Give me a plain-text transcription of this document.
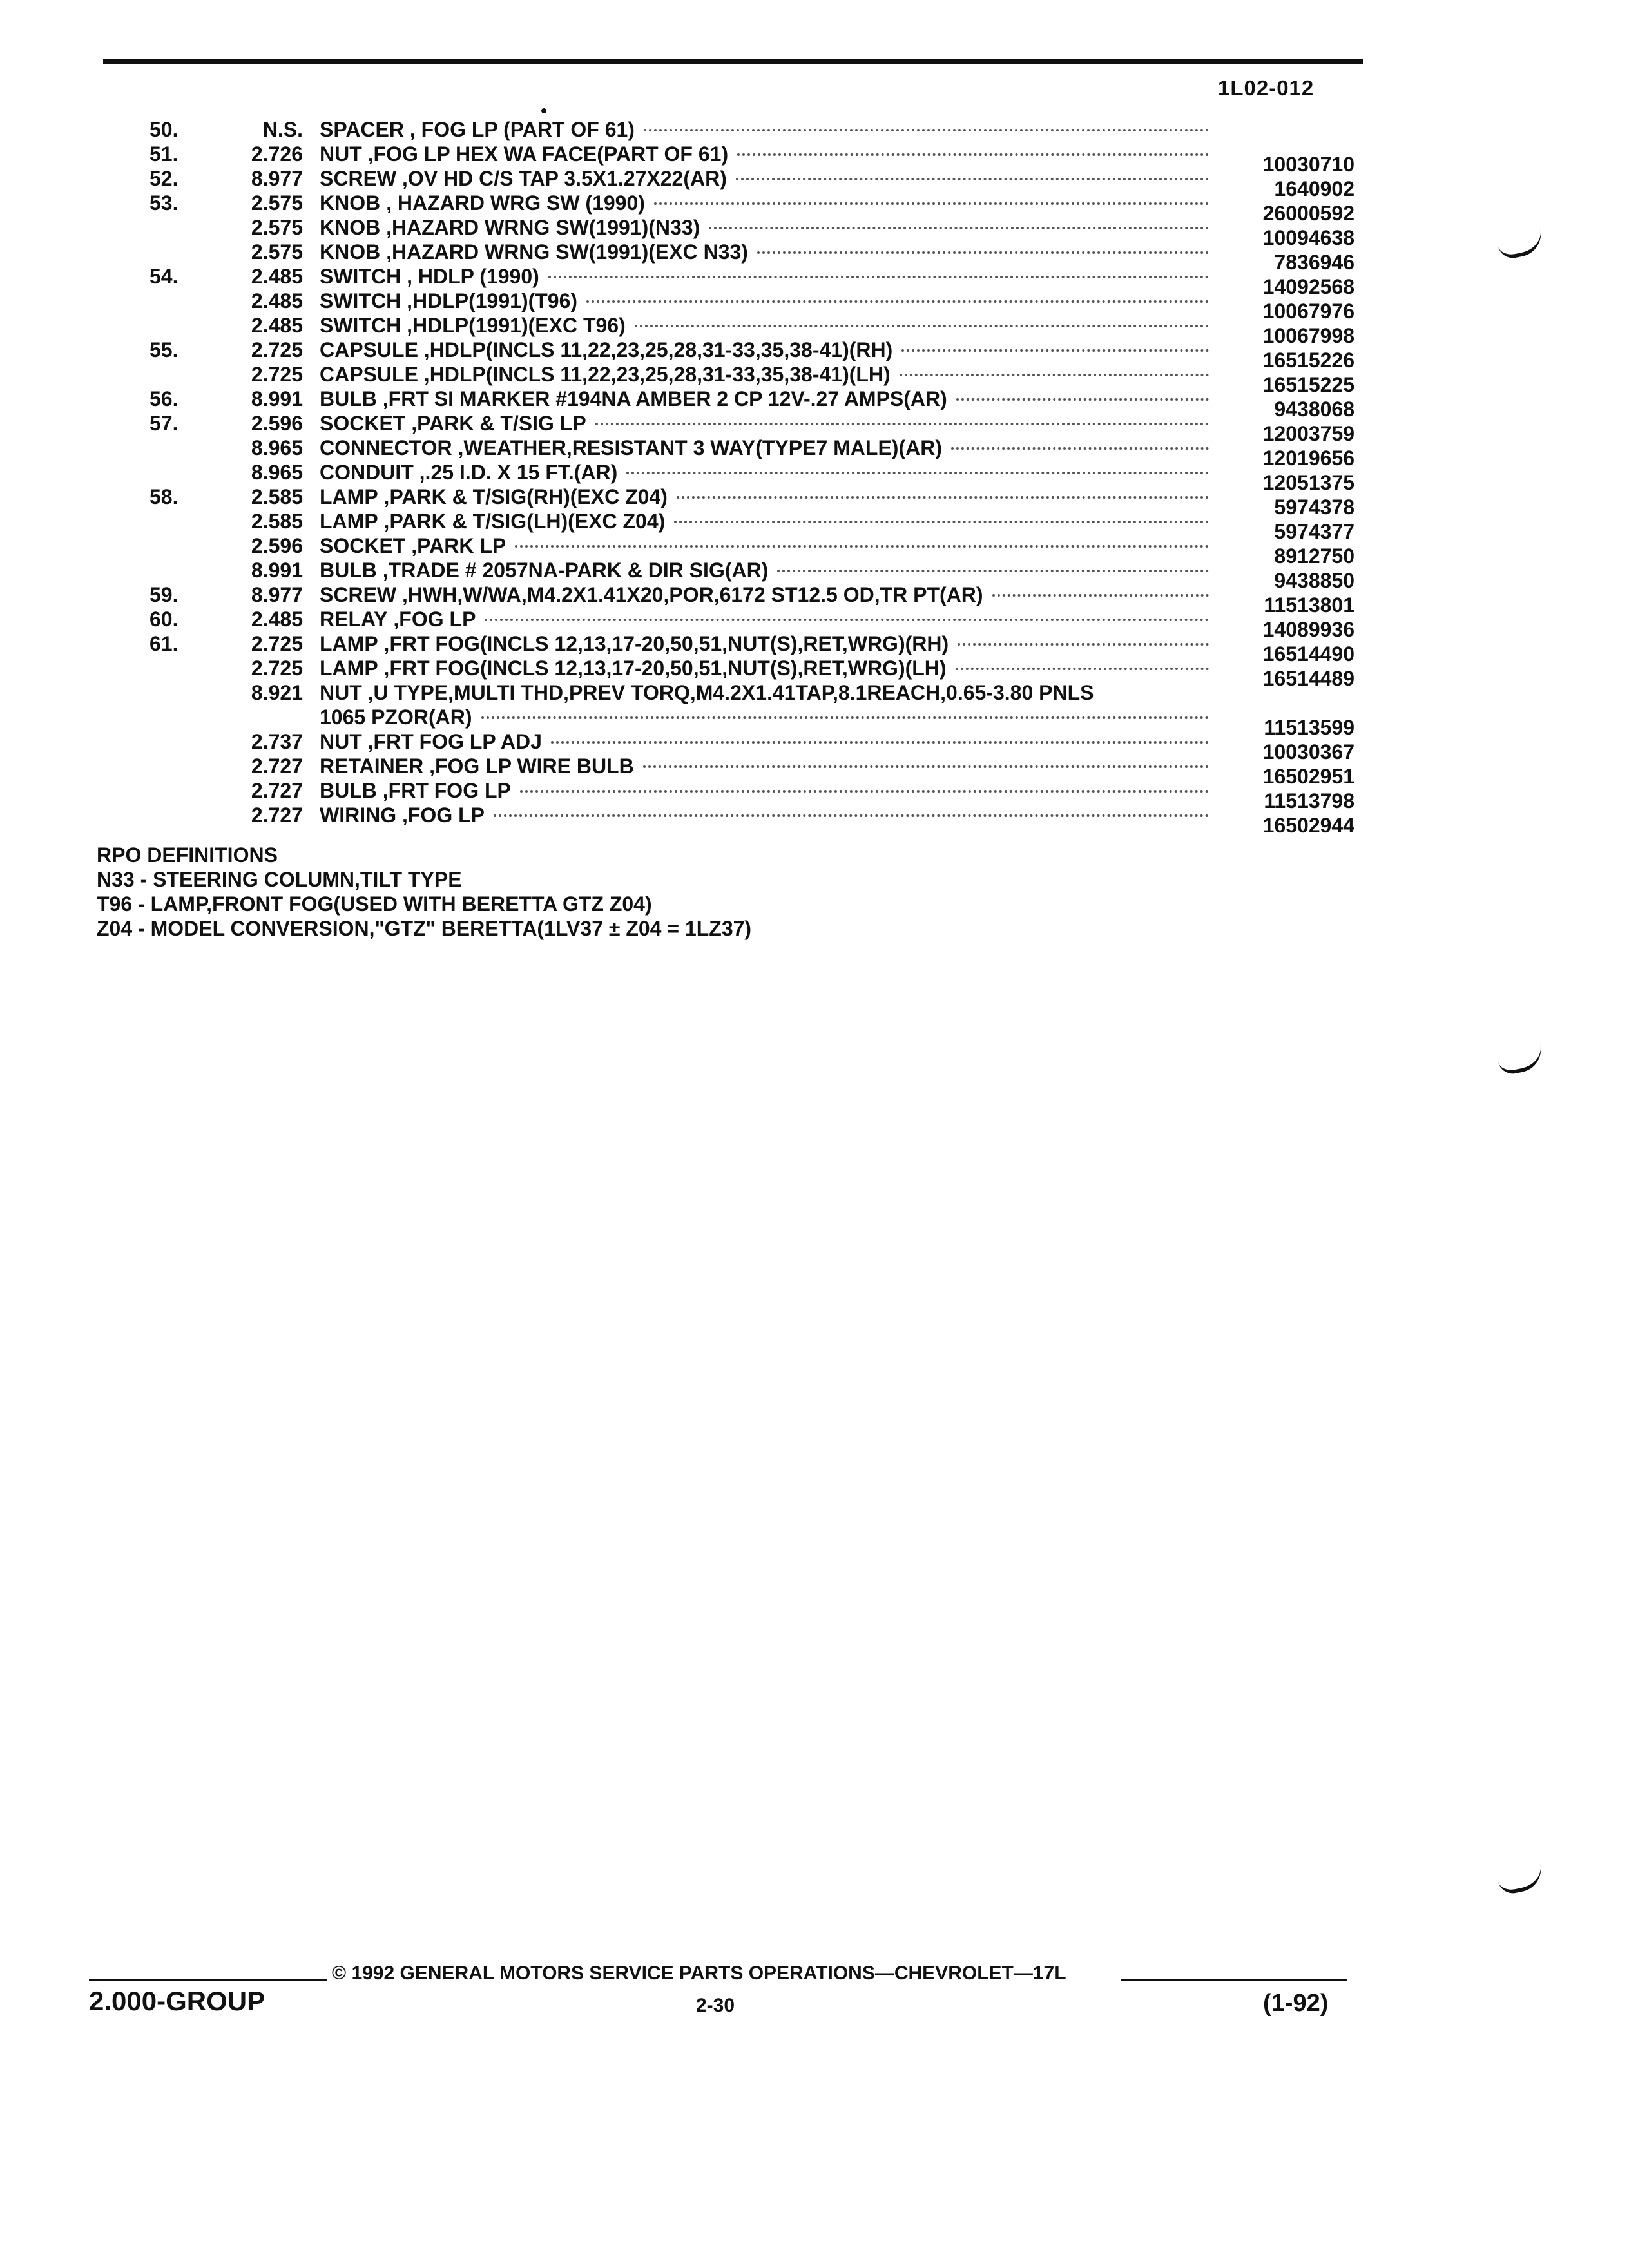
1L02-012
50.	N.S. SPACER , FOG LP (PART OF 61)
51.	2.726 NUT ,FOG LP HEX WA FACE(PART OF 61)	10030710
52.	8.977 SCREW ,OV HD C/S TAP 3.5X1.27X22(AR)	1640902
53.	2.575 KNOB , HAZARD WRG SW (1990)	26000592
2.575 KNOB ,HAZARD WRNG SW(1991)(N33)	10094638
2.575 KNOB ,HAZARD WRNG SW(1991)(EXC N33)	7836946
54.	2.485 SWITCH , HDLP (1990)	14092568
2.485 SWITCH ,HDLP(1991)(T96)	10067976
2.485 SWITCH ,HDLP(1991)(EXC T96)	10067998
55.	2.725 CAPSULE ,HDLP(INCLS 11,22,23,25,28,31-33,35,38-41)(RH)	16515226
2.725 CAPSULE ,HDLP(INCLS 11,22,23,25,28,31-33,35,38-41)(LH)	16515225
56.	8.991 BULB ,FRT SI MARKER #194NA AMBER 2 CP 12V-.27 AMPS(AR)	9438068
57.	2.596 SOCKET ,PARK & T/SIG LP	12003759
8.965 CONNECTOR ,WEATHER,RESISTANT 3 WAY(TYPE7 MALE)(AR)	12019656
8.965 CONDUIT ,.25 I.D. X 15 FT.(AR)	12051375
58.	2.585 LAMP ,PARK & T/SIG(RH)(EXC Z04)	5974378
2.585 LAMP ,PARK & T/SIG(LH)(EXC Z04)	5974377
2.596 SOCKET ,PARK LP	8912750
8.991 BULB ,TRADE # 2057NA-PARK & DIR SIG(AR)	9438850
59.	8.977 SCREW ,HWH,W/WA,M4.2X1.41X20,POR,6172 ST12.5 OD,TR PT(AR)	11513801
60.	2.485 RELAY ,FOG LP	14089936
61.	2.725 LAMP ,FRT FOG(INCLS 12,13,17-20,50,51,NUT(S),RET,WRG)(RH)	16514490
2.725 LAMP ,FRT FOG(INCLS 12,13,17-20,50,51,NUT(S),RET,WRG)(LH)	16514489
8.921 NUT ,U TYPE,MULTI THD,PREV TORQ,M4.2X1.41TAP,8.1REACH,0.65-3.80 PNLS
1065 PZOR(AR)	11513599
2.737 NUT ,FRT FOG LP ADJ	10030367
2.727 RETAINER ,FOG LP WIRE BULB	16502951
2.727 BULB ,FRT FOG LP	11513798
2.727 WIRING ,FOG LP	16502944
RPO DEFINITIONS
N33 - STEERING COLUMN,TILT TYPE
T96 - LAMP,FRONT FOG(USED WITH BERETTA GTZ Z04)
Z04 - MODEL CONVERSION,"GTZ" BERETTA(1LV37 ± Z04 = 1LZ37)
© 1992 GENERAL MOTORS SERVICE PARTS OPERATIONS—CHEVROLET—17L
2.000-GROUP	2-30	(1-92)
